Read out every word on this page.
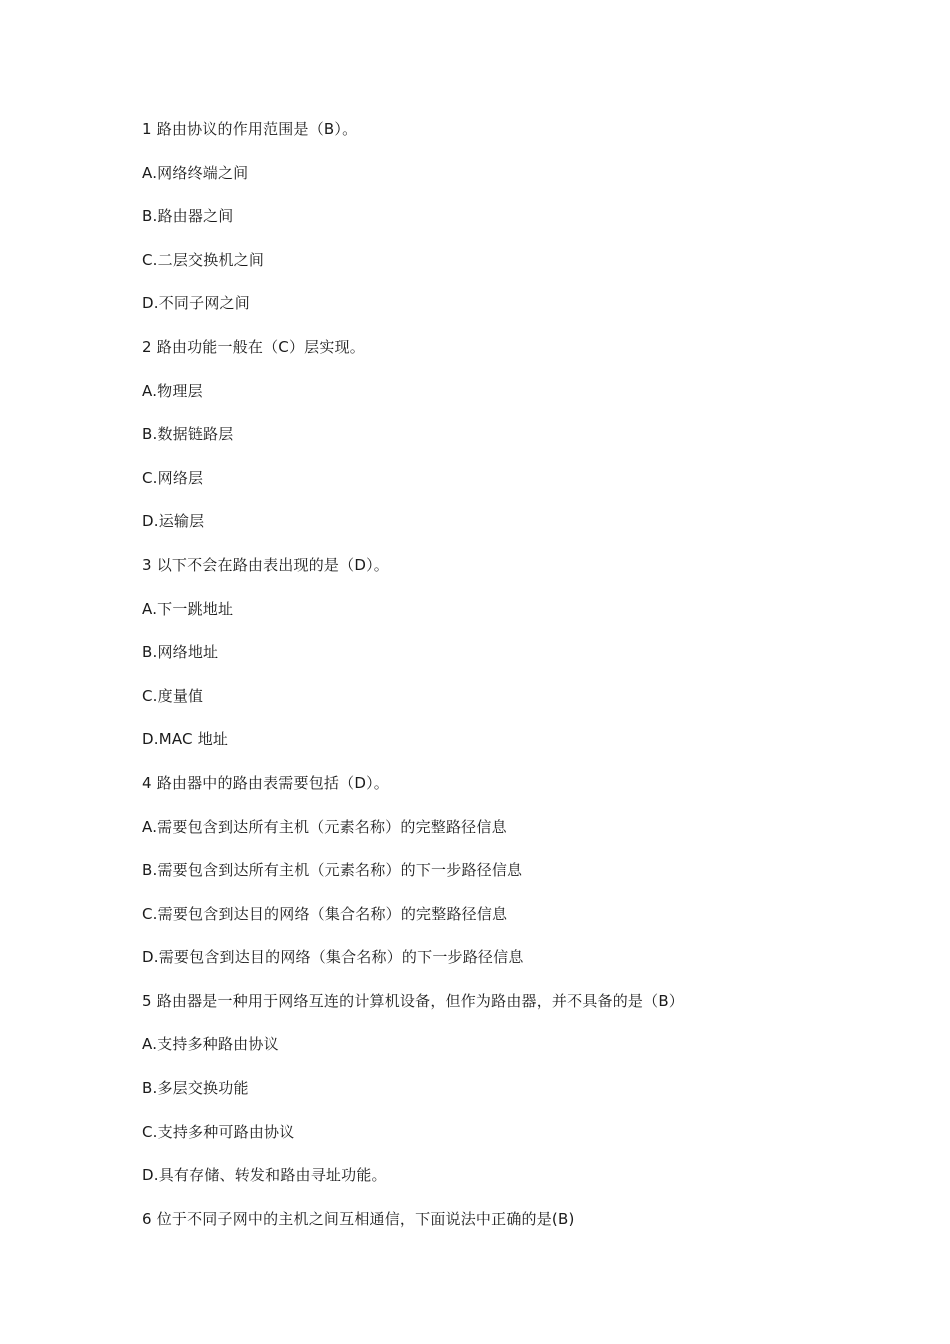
1 路由协议的作用范围是（B）。
A.网络终端之间
B.路由器之间
C.二层交换机之间
D.不同子网之间
2 路由功能一般在（C）层实现。
A.物理层
B.数据链路层
C.网络层
D.运输层
3 以下不会在路由表出现的是（D）。
A.下一跳地址
B.网络地址
C.度量值
D.MAC 地址
4 路由器中的路由表需要包括（D）。
A.需要包含到达所有主机（元素名称）的完整路径信息
B.需要包含到达所有主机（元素名称）的下一步路径信息
C.需要包含到达目的网络（集合名称）的完整路径信息
D.需要包含到达目的网络（集合名称）的下一步路径信息
5 路由器是一种用于网络互连的计算机设备，但作为路由器，并不具备的是（B）
A.支持多种路由协议
B.多层交换功能
C.支持多种可路由协议
D.具有存储、转发和路由寻址功能。
6 位于不同子网中的主机之间互相通信，下面说法中正确的是(B)
